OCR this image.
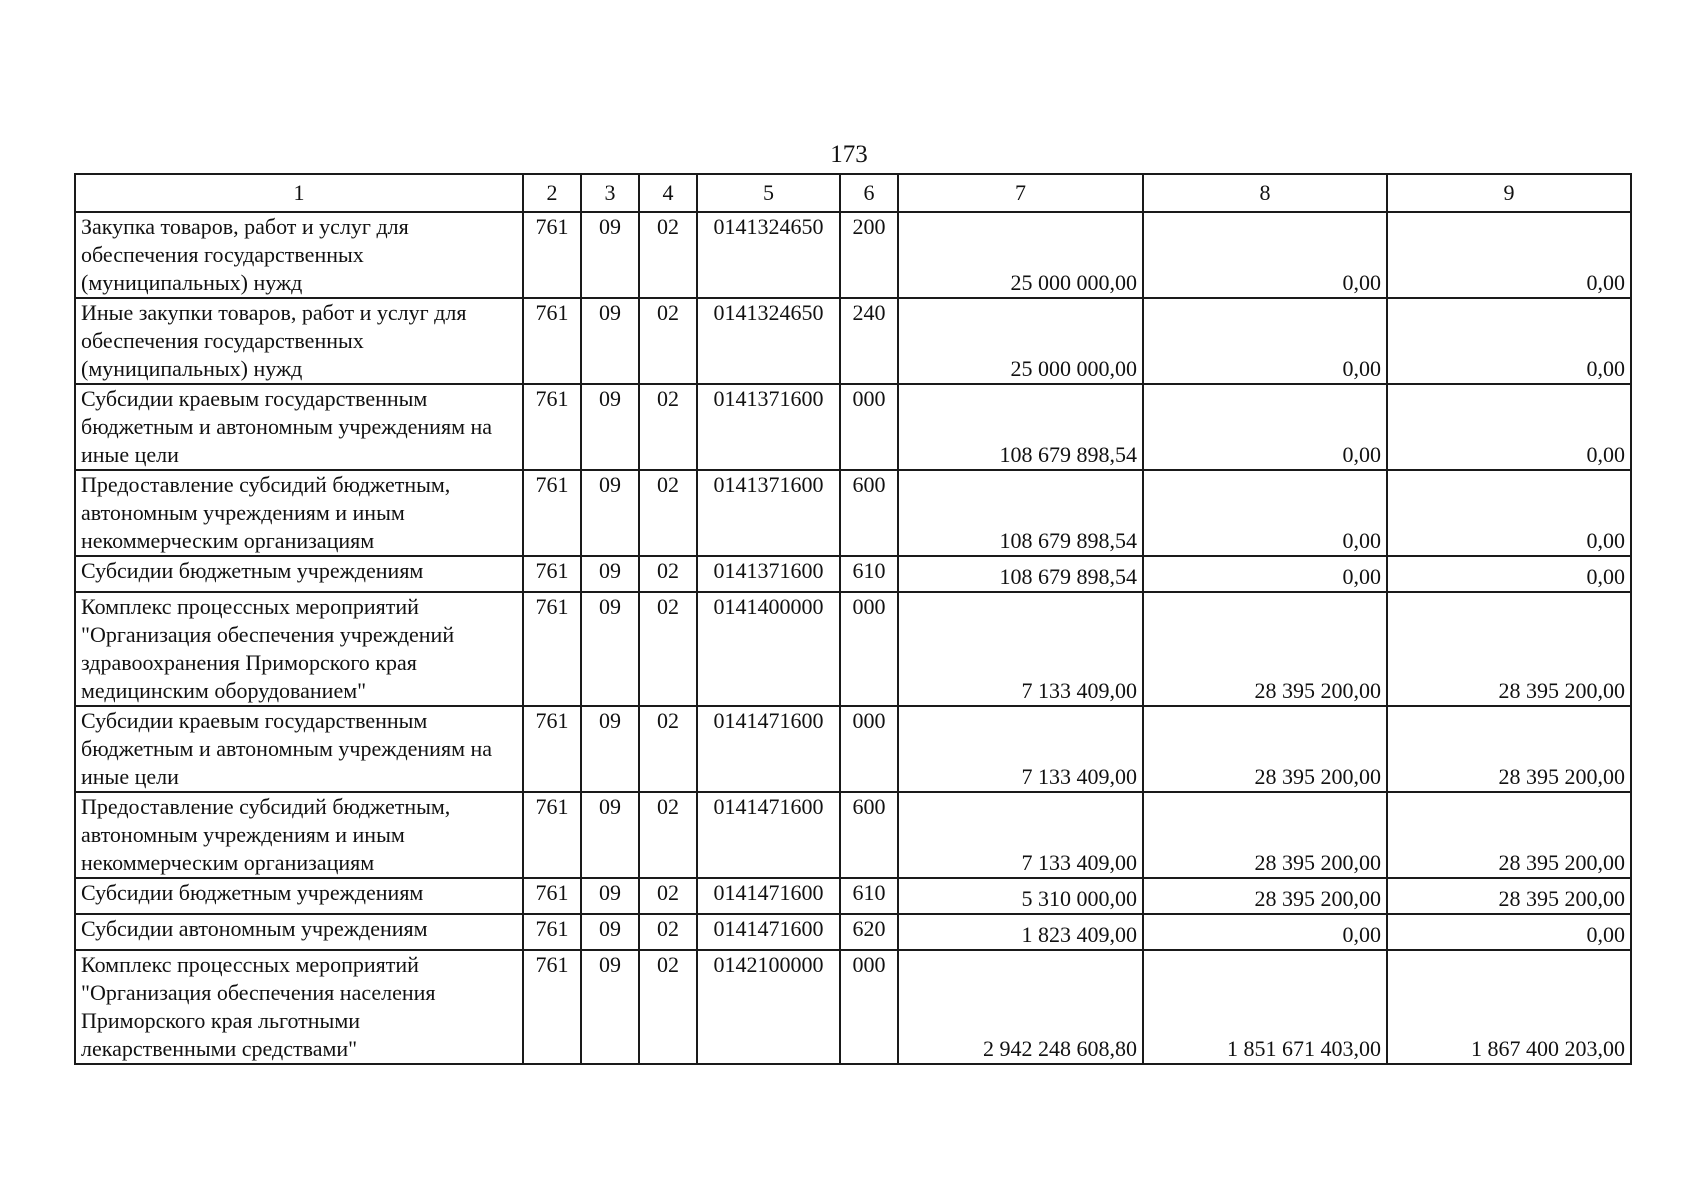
173
1	2	3	4	5	6	7	8	9
Закупка товаров, работ и услуг для обеспечения государственных (муниципальных) нужд	761	09	02	0141324650	200	25 000 000,00	0,00	0,00
Иные закупки товаров, работ и услуг для обеспечения государственных (муниципальных) нужд	761	09	02	0141324650	240	25 000 000,00	0,00	0,00
Субсидии краевым государственным бюджетным и автономным учреждениям на иные цели	761	09	02	0141371600	000	108 679 898,54	0,00	0,00
Предоставление субсидий бюджетным, автономным учреждениям и иным некоммерческим организациям	761	09	02	0141371600	600	108 679 898,54	0,00	0,00
Субсидии бюджетным учреждениям	761	09	02	0141371600	610	108 679 898,54	0,00	0,00
Комплекс процессных мероприятий "Организация обеспечения учреждений здравоохранения Приморского края медицинским оборудованием"	761	09	02	0141400000	000	7 133 409,00	28 395 200,00	28 395 200,00
Субсидии краевым государственным бюджетным и автономным учреждениям на иные цели	761	09	02	0141471600	000	7 133 409,00	28 395 200,00	28 395 200,00
Предоставление субсидий бюджетным, автономным учреждениям и иным некоммерческим организациям	761	09	02	0141471600	600	7 133 409,00	28 395 200,00	28 395 200,00
Субсидии бюджетным учреждениям	761	09	02	0141471600	610	5 310 000,00	28 395 200,00	28 395 200,00
Субсидии автономным учреждениям	761	09	02	0141471600	620	1 823 409,00	0,00	0,00
Комплекс процессных мероприятий "Организация обеспечения населения Приморского края льготными лекарственными средствами"	761	09	02	0142100000	000	2 942 248 608,80	1 851 671 403,00	1 867 400 203,00
